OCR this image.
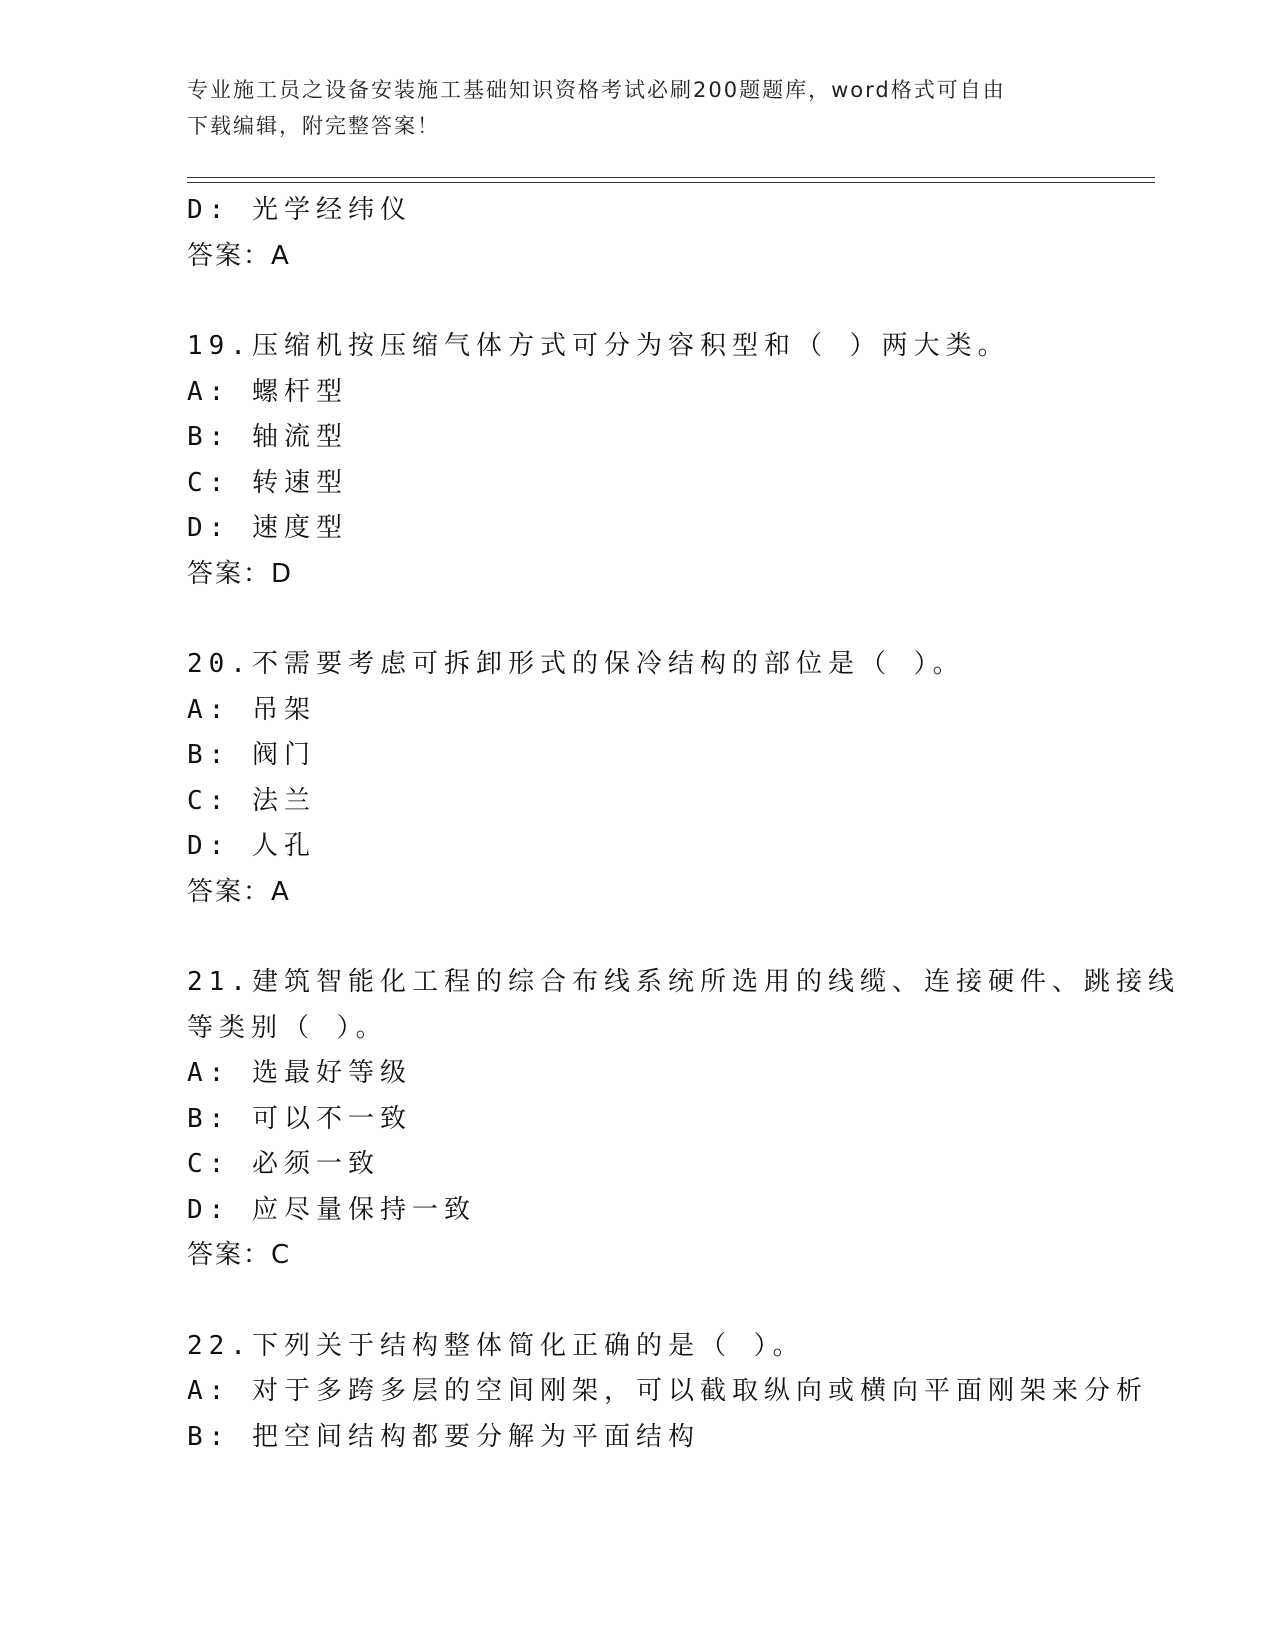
专业施工员之设备安装施工基础知识资格考试必刷200题题库，word格式可自由
下载编辑，附完整答案！
D: 光学经纬仪
答案：A
19.压缩机按压缩气体方式可分为容积型和（ ）两大类。
A: 螺杆型
B: 轴流型
C: 转速型
D: 速度型
答案：D
20.不需要考虑可拆卸形式的保冷结构的部位是（ ）。
A: 吊架
B: 阀门
C: 法兰
D: 人孔
答案：A
21.建筑智能化工程的综合布线系统所选用的线缆、连接硬件、跳接线
等类别（ ）。
A: 选最好等级
B: 可以不一致
C: 必须一致
D: 应尽量保持一致
答案：C
22.下列关于结构整体简化正确的是（ ）。
A: 对于多跨多层的空间刚架，可以截取纵向或横向平面刚架来分析
B: 把空间结构都要分解为平面结构
